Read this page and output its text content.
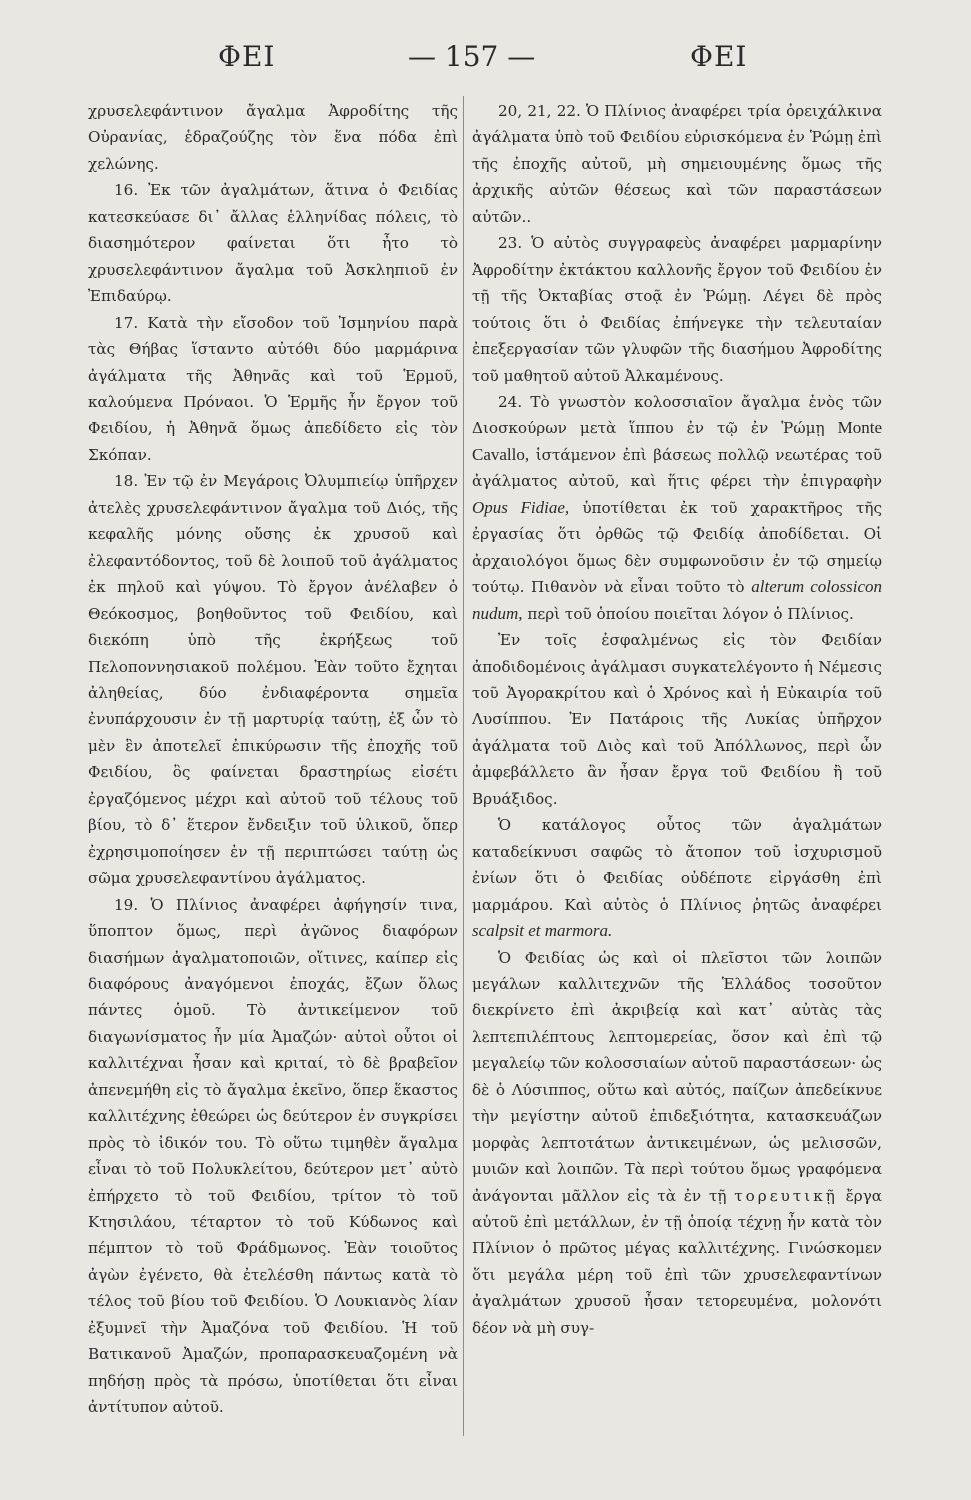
ΦΕΙ	— 157 —	ΦΕΙ

χρυσελεφάντινον ἄγαλμα Ἀφροδίτης τῆς Οὐρανίας, ἑδραζούζης τὸν ἕνα πόδα ἐπὶ χελώνης.

16. Ἐκ τῶν ἀγαλμάτων, ἅτινα ὁ Φειδίας κατεσκεύασε δι᾽ ἄλλας ἑλληνίδας πόλεις, τὸ διασημότερον φαίνεται ὅτι ἦτο τὸ χρυσελεφάντινον ἄγαλμα τοῦ Ἀσκληπιοῦ ἐν Ἐπιδαύρῳ.

17. Κατὰ τὴν εἴσοδον τοῦ Ἰσμηνίου παρὰ τὰς Θήβας ἵσταντο αὐτόθι δύο μαρμάρινα ἀγάλματα τῆς Ἀθηνᾶς καὶ τοῦ Ἑρμοῦ, καλούμενα Πρόναοι. Ὁ Ἑρμῆς ἦν ἔργον τοῦ Φειδίου, ἡ Ἀθηνᾶ ὅμως ἀπεδίδετο εἰς τὸν Σκόπαν.

18. Ἐν τῷ ἐν Μεγάροις Ὀλυμπιείῳ ὑπῆρχεν ἀτελὲς χρυσελεφάντινον ἄγαλμα τοῦ Διός, τῆς κεφαλῆς μόνης οὔσης ἐκ χρυσοῦ καὶ ἐλεφαντόδοντος, τοῦ δὲ λοιποῦ τοῦ ἀγάλματος ἐκ πηλοῦ καὶ γύψου. Τὸ ἔργον ἀνέλαβεν ὁ Θεόκοσμος, βοηθοῦντος τοῦ Φειδίου, καὶ διεκόπη ὑπὸ τῆς ἐκρήξεως τοῦ Πελοποννησιακοῦ πολέμου. Ἐὰν τοῦτο ἔχηται ἀληθείας, δύο ἐνδιαφέροντα σημεῖα ἐνυπάρχουσιν ἐν τῇ μαρτυρίᾳ ταύτῃ, ἐξ ὧν τὸ μὲν ἓν ἀποτελεῖ ἐπικύρωσιν τῆς ἐποχῆς τοῦ Φειδίου, ὃς φαίνεται δραστηρίως εἰσέτι ἐργαζόμενος μέχρι καὶ αὐτοῦ τοῦ τέλους τοῦ βίου, τὸ δ᾽ ἕτερον ἔνδειξιν τοῦ ὑλικοῦ, ὅπερ ἐχρησιμοποίησεν ἐν τῇ περιπτώσει ταύτῃ ὡς σῶμα χρυσελεφαντίνου ἀγάλματος.

19. Ὁ Πλίνιος ἀναφέρει ἀφήγησίν τινα, ὕποπτον ὅμως, περὶ ἀγῶνος διαφόρων διασήμων ἀγαλματοποιῶν, οἵτινες, καίπερ εἰς διαφόρους ἀναγόμενοι ἐποχάς, ἔζων ὅλως πάντες ὁμοῦ. Τὸ ἀντικείμενον τοῦ διαγωνίσματος ἦν μία Ἀμαζών· αὐτοὶ οὗτοι οἱ καλλιτέχναι ἦσαν καὶ κριταί, τὸ δὲ βραβεῖον ἀπενεμήθη εἰς τὸ ἄγαλμα ἐκεῖνο, ὅπερ ἕκαστος καλλιτέχνης ἐθεώρει ὡς δεύτερον ἐν συγκρίσει πρὸς τὸ ἰδικόν του. Τὸ οὕτω τιμηθὲν ἄγαλμα εἶναι τὸ τοῦ Πολυκλείτου, δεύτερον μετ᾽ αὐτὸ ἐπήρχετο τὸ τοῦ Φειδίου, τρίτον τὸ τοῦ Κτησιλάου, τέταρτον τὸ τοῦ Κύδωνος καὶ πέμπτον τὸ τοῦ Φράδμωνος. Ἐὰν τοιοῦτος ἀγὼν ἐγένετο, θὰ ἐτελέσθη πάντως κατὰ τὸ τέλος τοῦ βίου τοῦ Φειδίου. Ὁ Λουκιανὸς λίαν ἐξυμνεῖ τὴν Ἀμαζόνα τοῦ Φειδίου. Ἡ τοῦ Βατικανοῦ Ἀμαζών, προπαρασκευαζομένη νὰ πηδήσῃ πρὸς τὰ πρόσω, ὑποτίθεται ὅτι εἶναι ἀντίτυπον αὐτοῦ.

20, 21, 22. Ὁ Πλίνιος ἀναφέρει τρία ὀρειχάλκινα ἀγάλματα ὑπὸ τοῦ Φειδίου εὑρισκόμενα ἐν Ῥώμῃ ἐπὶ τῆς ἐποχῆς αὐτοῦ, μὴ σημειουμένης ὅμως τῆς ἀρχικῆς αὐτῶν θέσεως καὶ τῶν παραστάσεων αὐτῶν..

23. Ὁ αὐτὸς συγγραφεὺς ἀναφέρει μαρμαρίνην Ἀφροδίτην ἐκτάκτου καλλονῆς ἔργον τοῦ Φειδίου ἐν τῇ τῆς Ὀκταβίας στοᾷ ἐν Ῥώμῃ. Λέγει δὲ πρὸς τούτοις ὅτι ὁ Φειδίας ἐπήνεγκε τὴν τελευταίαν ἐπεξεργασίαν τῶν γλυφῶν τῆς διασήμου Ἀφροδίτης τοῦ μαθητοῦ αὐτοῦ Ἀλκαμένους.

24. Τὸ γνωστὸν κολοσσιαῖον ἄγαλμα ἑνὸς τῶν Διοσκούρων μετὰ ἵππου ἐν τῷ ἐν Ῥώμῃ Monte Cavallo, ἱστάμενον ἐπὶ βάσεως πολλῷ νεωτέρας τοῦ ἀγάλματος αὐτοῦ, καὶ ἥτις φέρει τὴν ἐπιγραφὴν Opus Fidiae, ὑποτίθεται ἐκ τοῦ χαρακτῆρος τῆς ἐργασίας ὅτι ὀρθῶς τῷ Φειδίᾳ ἀποδίδεται. Οἱ ἀρχαιολόγοι ὅμως δὲν συμφωνοῦσιν ἐν τῷ σημείῳ τούτῳ. Πιθανὸν νὰ εἶναι τοῦτο τὸ alterum colossicon nudum, περὶ τοῦ ὁποίου ποιεῖται λόγον ὁ Πλίνιος.

Ἐν τοῖς ἐσφαλμένως εἰς τὸν Φειδίαν ἀποδιδομένοις ἀγάλμασι συγκατελέγοντο ἡ Νέμεσις τοῦ Ἀγορακρίτου καὶ ὁ Χρόνος καὶ ἡ Εὐκαιρία τοῦ Λυσίππου. Ἐν Πατάροις τῆς Λυκίας ὑπῆρχον ἀγάλματα τοῦ Διὸς καὶ τοῦ Ἀπόλλωνος, περὶ ὧν ἀμφεβάλλετο ἂν ἦσαν ἔργα τοῦ Φειδίου ἢ τοῦ Βρυάξιδος.

Ὁ κατάλογος οὗτος τῶν ἀγαλμάτων καταδείκνυσι σαφῶς τὸ ἄτοπον τοῦ ἰσχυρισμοῦ ἐνίων ὅτι ὁ Φειδίας οὐδέποτε εἰργάσθη ἐπὶ μαρμάρου. Καὶ αὐτὸς ὁ Πλίνιος ῥητῶς ἀναφέρει scalpsit et marmora.

Ὁ Φειδίας ὡς καὶ οἱ πλεῖστοι τῶν λοιπῶν μεγάλων καλλιτεχνῶν τῆς Ἑλλάδος τοσοῦτον διεκρίνετο ἐπὶ ἀκριβείᾳ καὶ κατ᾽ αὐτὰς τὰς λεπτεπιλέπτους λεπτομερείας, ὅσον καὶ ἐπὶ τῷ μεγαλείῳ τῶν κολοσσιαίων αὐτοῦ παραστάσεων· ὡς δὲ ὁ Λύσιππος, οὕτω καὶ αὐτός, παίζων ἀπεδείκνυε τὴν μεγίστην αὐτοῦ ἐπιδεξιότητα, κατασκευάζων μορφὰς λεπτοτάτων ἀντικειμένων, ὡς μελισσῶν, μυιῶν καὶ λοιπῶν. Τὰ περὶ τούτου ὅμως γραφόμενα ἀνάγονται μᾶλλον εἰς τὰ ἐν τῇ τορευτικῇ ἔργα αὐτοῦ ἐπὶ μετάλλων, ἐν τῇ ὁποίᾳ τέχνῃ ἦν κατὰ τὸν Πλίνιον ὁ πρῶτος μέγας καλλιτέχνης. Γινώσκομεν ὅτι μεγάλα μέρη τοῦ ἐπὶ τῶν χρυσελεφαντίνων ἀγαλμάτων χρυσοῦ ἦσαν τετορευμένα, μολονότι δέον νὰ μὴ συγ-
